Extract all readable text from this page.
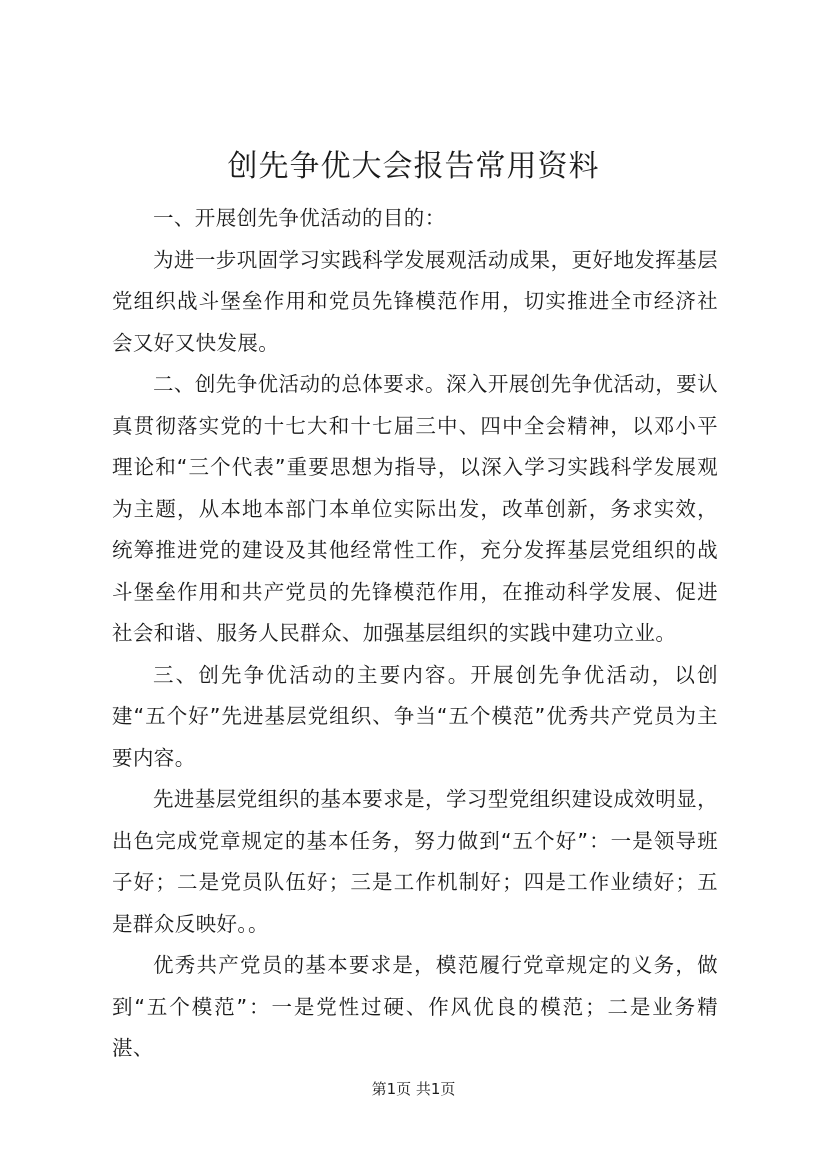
创先争优大会报告常用资料

一、开展创先争优活动的目的：

为进一步巩固学习实践科学发展观活动成果，更好地发挥基层党组织战斗堡垒作用和党员先锋模范作用，切实推进全市经济社会又好又快发展。

二、创先争优活动的总体要求。深入开展创先争优活动，要认真贯彻落实党的十七大和十七届三中、四中全会精神，以邓小平理论和“三个代表”重要思想为指导，以深入学习实践科学发展观为主题，从本地本部门本单位实际出发，改革创新，务求实效，统筹推进党的建设及其他经常性工作，充分发挥基层党组织的战斗堡垒作用和共产党员的先锋模范作用，在推动科学发展、促进社会和谐、服务人民群众、加强基层组织的实践中建功立业。

三、创先争优活动的主要内容。开展创先争优活动，以创建“五个好”先进基层党组织、争当“五个模范”优秀共产党员为主要内容。

先进基层党组织的基本要求是，学习型党组织建设成效明显，出色完成党章规定的基本任务，努力做到“五个好”：一是领导班子好；二是党员队伍好；三是工作机制好；四是工作业绩好；五是群众反映好。。

优秀共产党员的基本要求是，模范履行党章规定的义务，做到“五个模范”：一是党性过硬、作风优良的模范；二是业务精湛、

第1页 共1页
